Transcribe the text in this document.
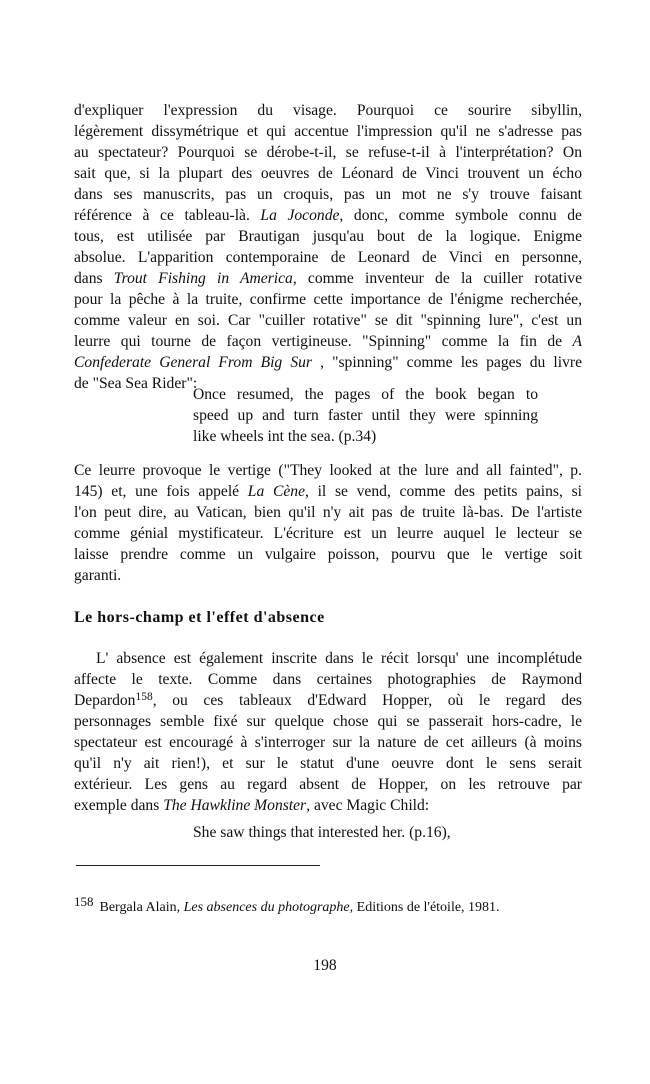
d'expliquer l'expression du visage. Pourquoi ce sourire sibyllin,
légèrement dissymétrique et qui accentue l'impression qu'il ne s'adresse pas
au spectateur? Pourquoi se dérobe-t-il, se refuse-t-il à l'interprétation? On
sait que, si la plupart des oeuvres de Léonard de Vinci trouvent un écho
dans ses manuscrits, pas un croquis, pas un mot ne s'y trouve faisant
référence à ce tableau-là. La Joconde, donc, comme symbole connu de
tous, est utilisée par Brautigan jusqu'au bout de la logique. Enigme
absolue. L'apparition contemporaine de Leonard de Vinci en personne,
dans Trout Fishing in America, comme inventeur de la cuiller rotative
pour la pêche à la truite, confirme cette importance de l'énigme recherchée,
comme valeur en soi. Car "cuiller rotative" se dit "spinning lure", c'est un
leurre qui tourne de façon vertigineuse. "Spinning" comme la fin de A
Confederate General From Big Sur , "spinning" comme les pages du livre
de "Sea Sea Rider":
Once resumed, the pages of the book began to
speed up and turn faster until they were spinning
like wheels int the sea. (p.34)
Ce leurre provoque le vertige ("They looked at the lure and all fainted", p.
145) et, une fois appelé La Cène, il se vend, comme des petits pains, si
l'on peut dire, au Vatican, bien qu'il n'y ait pas de truite là-bas. De l'artiste
comme génial mystificateur. L'écriture est un leurre auquel le lecteur se
laisse prendre comme un vulgaire poisson, pourvu que le vertige soit
garanti.
Le hors-champ et l'effet d'absence
L' absence est également inscrite dans le récit lorsqu' une incomplétude
affecte le texte. Comme dans certaines photographies de Raymond
Depardon$^{158}$, ou ces tableaux d'Edward Hopper, où le regard des
personnages semble fixé sur quelque chose qui se passerait hors-cadre, le
spectateur est encouragé à s'interroger sur la nature de cet ailleurs (à moins
qu'il n'y ait rien!), et sur le statut d'une oeuvre dont le sens serait
extérieur. Les gens au regard absent de Hopper, on les retrouve par
exemple dans The Hawkline Monster, avec Magic Child:
She saw things that interested her. (p.16),
158 Bergala Alain, Les absences du photographe, Editions de l'étoile, 1981.
198
